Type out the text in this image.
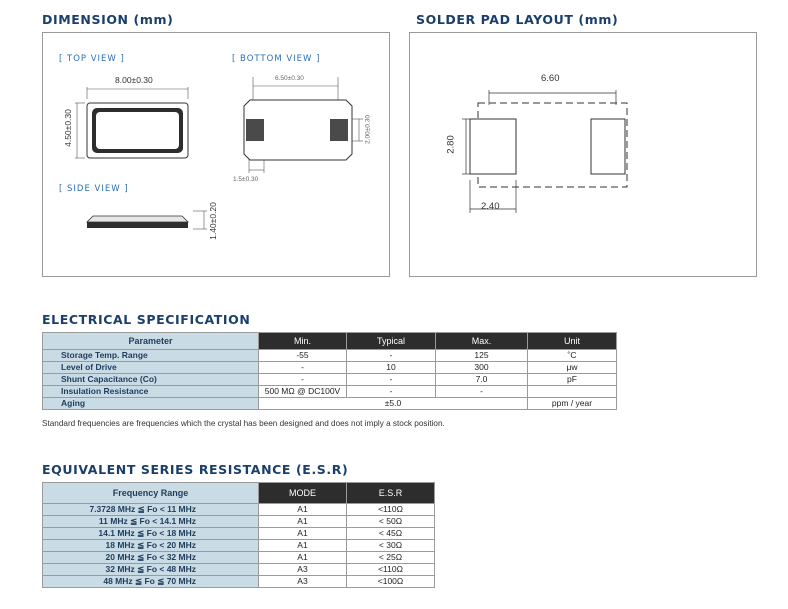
DIMENSION (mm)
[ TOP VIEW ]	[ BOTTOM VIEW ]
[ SIDE VIEW ]
8.00±0.30
4.50±0.30
6.50±0.30
2.00±0.30
1.5±0.30
1.40±0.20
SOLDER PAD LAYOUT (mm)
6.60
2.80
2.40
ELECTRICAL SPECIFICATION
Parameter	Min.	Typical	Max.	Unit
Storage Temp. Range	-55	-	125	˚C
Level of Drive	-	10	300	μw
Shunt Capacitance (Co)	-	-	7.0	pF
Insulation Resistance	500 MΩ @ DC100V	-	-	
Aging	±5.0			ppm / year
Standard frequencies are frequencies which the crystal has been designed and does not imply a stock position.
EQUIVALENT SERIES RESISTANCE (E.S.R)
Frequency Range	MODE	E.S.R
7.3728 MHz ≦ Fo < 11 MHz	A1	<110Ω
11 MHz ≦ Fo < 14.1 MHz	A1	< 50Ω
14.1 MHz ≦ Fo < 18 MHz	A1	< 45Ω
18 MHz ≦ Fo < 20 MHz	A1	< 30Ω
20 MHz ≦ Fo < 32 MHz	A1	< 25Ω
32 MHz ≦ Fo < 48 MHz	A3	<110Ω
48 MHz ≦ Fo ≦ 70 MHz	A3	<100Ω
